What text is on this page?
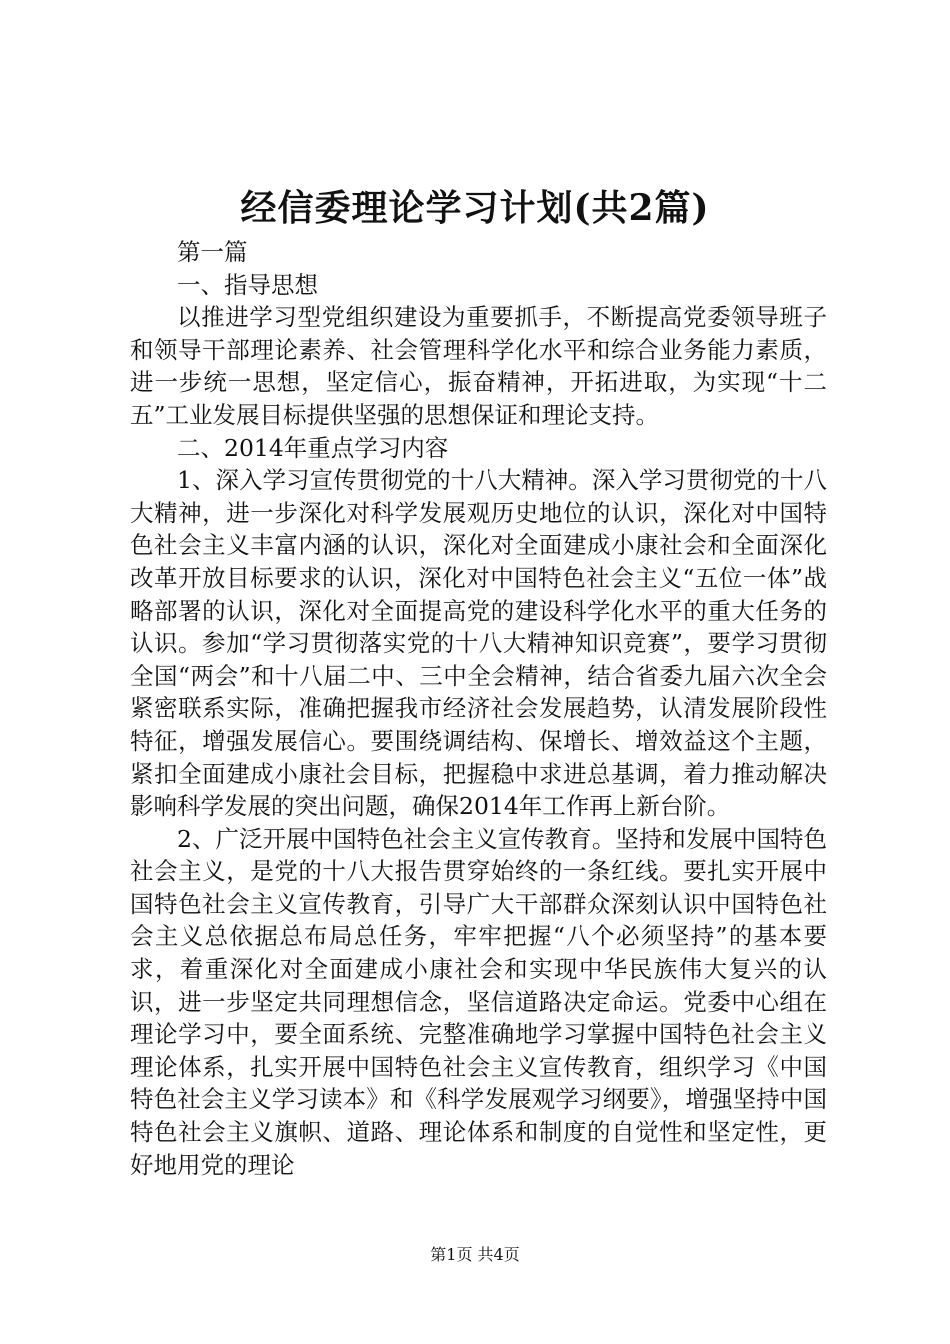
经信委理论学习计划(共2篇)

第一篇

一、指导思想

以推进学习型党组织建设为重要抓手，不断提高党委领导班子和领导干部理论素养、社会管理科学化水平和综合业务能力素质，进一步统一思想，坚定信心，振奋精神，开拓进取，为实现“十二五”工业发展目标提供坚强的思想保证和理论支持。

二、2014年重点学习内容

1、深入学习宣传贯彻党的十八大精神。深入学习贯彻党的十八大精神，进一步深化对科学发展观历史地位的认识，深化对中国特色社会主义丰富内涵的认识，深化对全面建成小康社会和全面深化改革开放目标要求的认识，深化对中国特色社会主义“五位一体”战略部署的认识，深化对全面提高党的建设科学化水平的重大任务的认识。参加“学习贯彻落实党的十八大精神知识竞赛”，要学习贯彻全国“两会”和十八届二中、三中全会精神，结合省委九届六次全会紧密联系实际，准确把握我市经济社会发展趋势，认清发展阶段性特征，增强发展信心。要围绕调结构、保增长、增效益这个主题，紧扣全面建成小康社会目标，把握稳中求进总基调，着力推动解决影响科学发展的突出问题，确保2014年工作再上新台阶。

2、广泛开展中国特色社会主义宣传教育。坚持和发展中国特色社会主义，是党的十八大报告贯穿始终的一条红线。要扎实开展中国特色社会主义宣传教育，引导广大干部群众深刻认识中国特色社会主义总依据总布局总任务，牢牢把握“八个必须坚持”的基本要求，着重深化对全面建成小康社会和实现中华民族伟大复兴的认识，进一步坚定共同理想信念，坚信道路决定命运。党委中心组在理论学习中，要全面系统、完整准确地学习掌握中国特色社会主义理论体系，扎实开展中国特色社会主义宣传教育，组织学习《中国特色社会主义学习读本》和《科学发展观学习纲要》，增强坚持中国特色社会主义旗帜、道路、理论体系和制度的自觉性和坚定性，更好地用党的理论

第1页 共4页
